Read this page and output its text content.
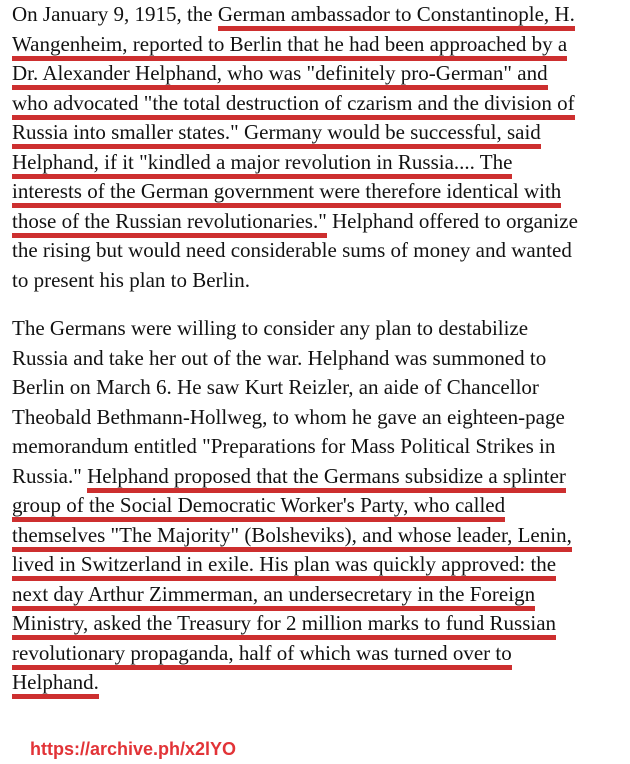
On January 9, 1915, the German ambassador to Constantinople, H.
Wangenheim, reported to Berlin that he had been approached by a
Dr. Alexander Helphand, who was "definitely pro-German" and
who advocated "the total destruction of czarism and the division of
Russia into smaller states." Germany would be successful, said
Helphand, if it "kindled a major revolution in Russia.... The
interests of the German government were therefore identical with
those of the Russian revolutionaries." Helphand offered to organize
the rising but would need considerable sums of money and wanted
to present his plan to Berlin.
The Germans were willing to consider any plan to destabilize
Russia and take her out of the war. Helphand was summoned to
Berlin on March 6. He saw Kurt Reizler, an aide of Chancellor
Theobald Bethmann-Hollweg, to whom he gave an eighteen-page
memorandum entitled "Preparations for Mass Political Strikes in
Russia." Helphand proposed that the Germans subsidize a splinter
group of the Social Democratic Worker's Party, who called
themselves "The Majority" (Bolsheviks), and whose leader, Lenin,
lived in Switzerland in exile. His plan was quickly approved: the
next day Arthur Zimmerman, an undersecretary in the Foreign
Ministry, asked the Treasury for 2 million marks to fund Russian
revolutionary propaganda, half of which was turned over to
Helphand.
https://archive.ph/x2lYO
